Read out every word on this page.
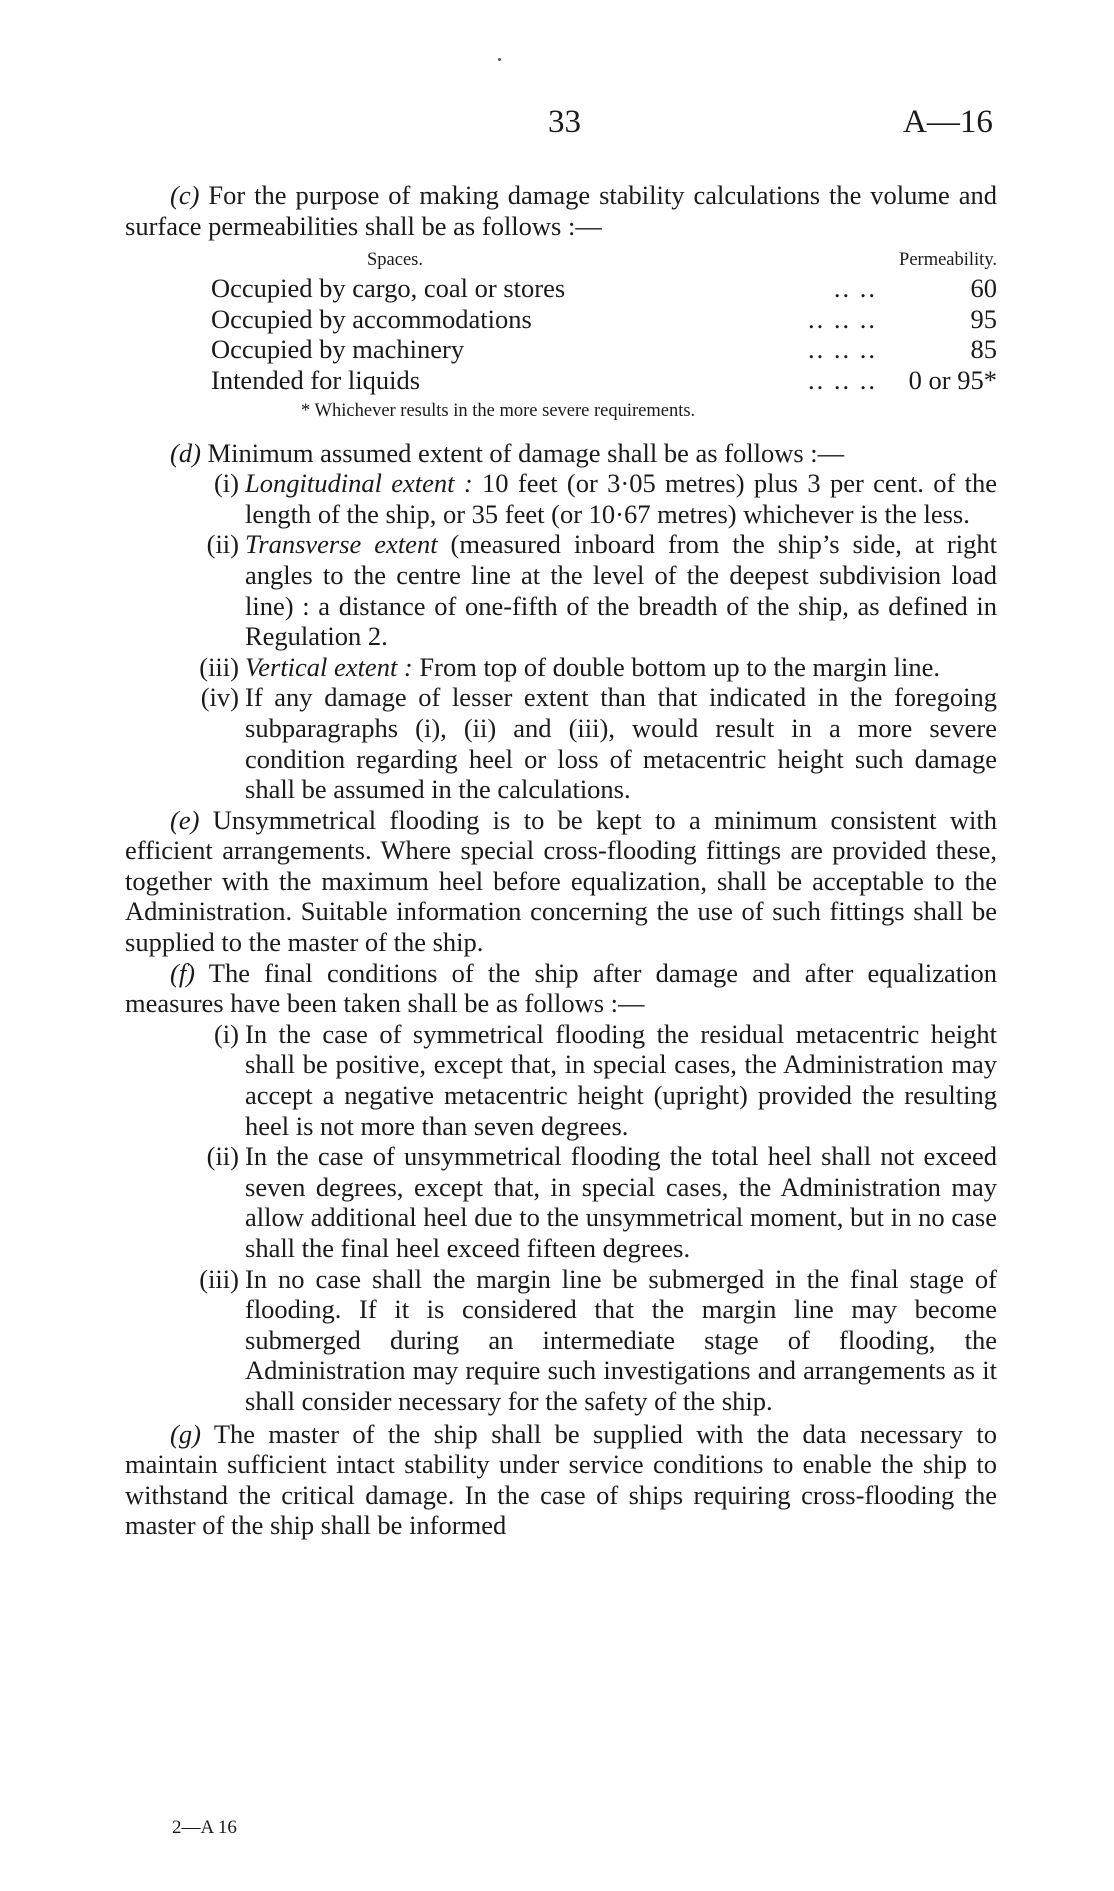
33	A—16

(c) For the purpose of making damage stability calculations the volume and surface permeabilities shall be as follows :—

Spaces.	Permeability.
Occupied by cargo, coal or stores	.. ..	60
Occupied by accommodations	.. .. ..	95
Occupied by machinery	.. .. ..	85
Intended for liquids	.. .. ..	0 or 95*
* Whichever results in the more severe requirements.

(d) Minimum assumed extent of damage shall be as follows :—

(i) Longitudinal extent : 10 feet (or 3·05 metres) plus 3 per cent. of the length of the ship, or 35 feet (or 10·67 metres) whichever is the less.

(ii) Transverse extent (measured inboard from the ship’s side, at right angles to the centre line at the level of the deepest subdivision load line) : a distance of one-fifth of the breadth of the ship, as defined in Regulation 2.

(iii) Vertical extent : From top of double bottom up to the margin line.

(iv) If any damage of lesser extent than that indicated in the foregoing subparagraphs (i), (ii) and (iii), would result in a more severe condition regarding heel or loss of metacentric height such damage shall be assumed in the calculations.

(e) Unsymmetrical flooding is to be kept to a minimum consistent with efficient arrangements. Where special cross-flooding fittings are provided these, together with the maximum heel before equalization, shall be acceptable to the Administration. Suitable information concerning the use of such fittings shall be supplied to the master of the ship.

(f) The final conditions of the ship after damage and after equalization measures have been taken shall be as follows :—

(i) In the case of symmetrical flooding the residual metacentric height shall be positive, except that, in special cases, the Administration may accept a negative metacentric height (upright) provided the resulting heel is not more than seven degrees.

(ii) In the case of unsymmetrical flooding the total heel shall not exceed seven degrees, except that, in special cases, the Administration may allow additional heel due to the unsymmetrical moment, but in no case shall the final heel exceed fifteen degrees.

(iii) In no case shall the margin line be submerged in the final stage of flooding. If it is considered that the margin line may become submerged during an intermediate stage of flooding, the Administration may require such investigations and arrangements as it shall consider necessary for the safety of the ship.

(g) The master of the ship shall be supplied with the data necessary to maintain sufficient intact stability under service conditions to enable the ship to withstand the critical damage. In the case of ships requiring cross-flooding the master of the ship shall be informed

2—A 16
